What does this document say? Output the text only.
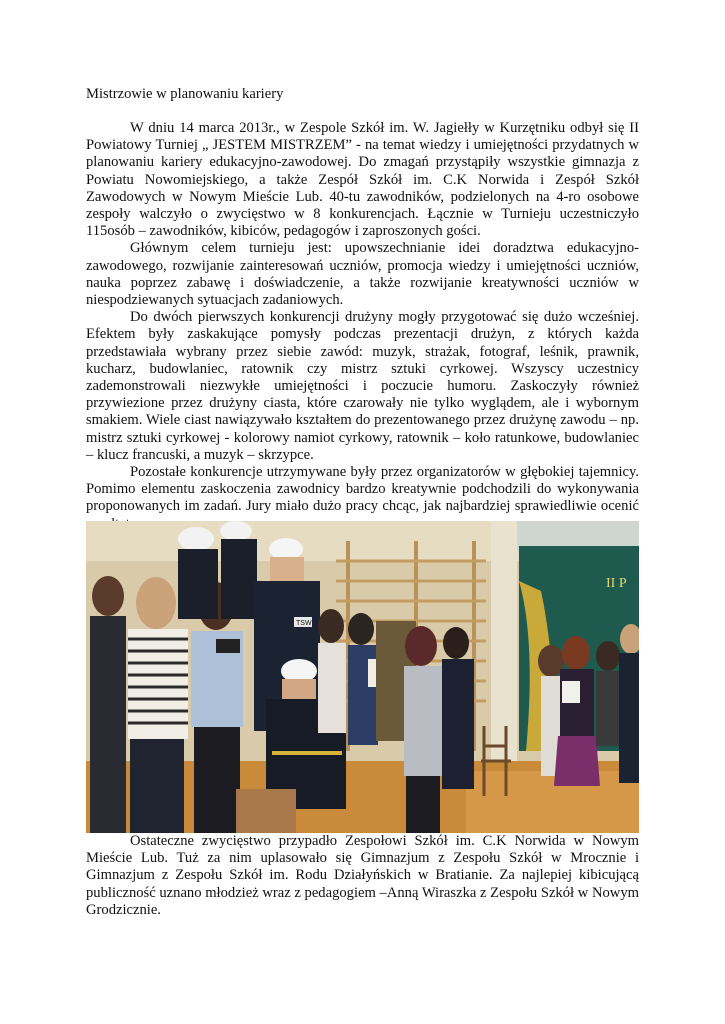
Mistrzowie w planowaniu kariery

W dniu 14 marca 2013r., w Zespole Szkół im. W. Jagiełły w Kurzętniku odbył się II Powiatowy Turniej „ JESTEM MISTRZEM” - na temat wiedzy i umiejętności przydatnych w planowaniu kariery edukacyjno-zawodowej. Do zmagań przystąpiły wszystkie gimnazja z Powiatu Nowomiejskiego, a także Zespół Szkół im. C.K Norwida i Zespół Szkół Zawodowych w Nowym Mieście Lub. 40-tu zawodników, podzielonych na 4-ro osobowe zespoły walczyło o zwycięstwo w 8 konkurencjach. Łącznie w Turnieju uczestniczyło 115osób – zawodników, kibiców, pedagogów i zaproszonych gości.

Głównym celem turnieju jest: upowszechnianie idei doradztwa edukacyjno-zawodowego, rozwijanie zainteresowań uczniów, promocja wiedzy i umiejętności uczniów, nauka poprzez zabawę i doświadczenie, a także rozwijanie kreatywności uczniów w niespodziewanych sytuacjach zadaniowych.

Do dwóch pierwszych konkurencji drużyny mogły przygotować się dużo wcześniej. Efektem były zaskakujące pomysły podczas prezentacji drużyn, z których każda przedstawiała wybrany przez siebie zawód: muzyk, strażak, fotograf, leśnik, prawnik, kucharz, budowlaniec, ratownik czy mistrz sztuki cyrkowej. Wszyscy uczestnicy zademonstrowali niezwykłe umiejętności i poczucie humoru. Zaskoczyły również przywiezione przez drużyny ciasta, które czarowały nie tylko wyglądem, ale i wybornym smakiem. Wiele ciast nawiązywało kształtem do prezentowanego przez drużynę zawodu – np. mistrz sztuki cyrkowej - kolorowy namiot cyrkowy, ratownik – koło ratunkowe, budowlaniec – klucz francuski, a muzyk – skrzypce.

Pozostałe konkurencje utrzymywane były przez organizatorów w głębokiej tajemnicy. Pomimo elementu zaskoczenia zawodnicy bardzo kreatywnie podchodzili do wykonywania proponowanych im zadań. Jury miało dużo pracy chcąc, jak najbardziej sprawiedliwie ocenić

II P
TSW

Ostateczne zwycięstwo przypadło Zespołowi Szkół im. C.K Norwida w Nowym Mieście Lub. Tuż za nim uplasowało się Gimnazjum z Zespołu Szkół w Mrocznie i Gimnazjum z Zespołu Szkół im. Rodu Działyńskich w Bratianie. Za najlepiej kibicującą publiczność uznano młodzież wraz z pedagogiem –Anną Wiraszka z Zespołu Szkół w Nowym Grodzicznie.
